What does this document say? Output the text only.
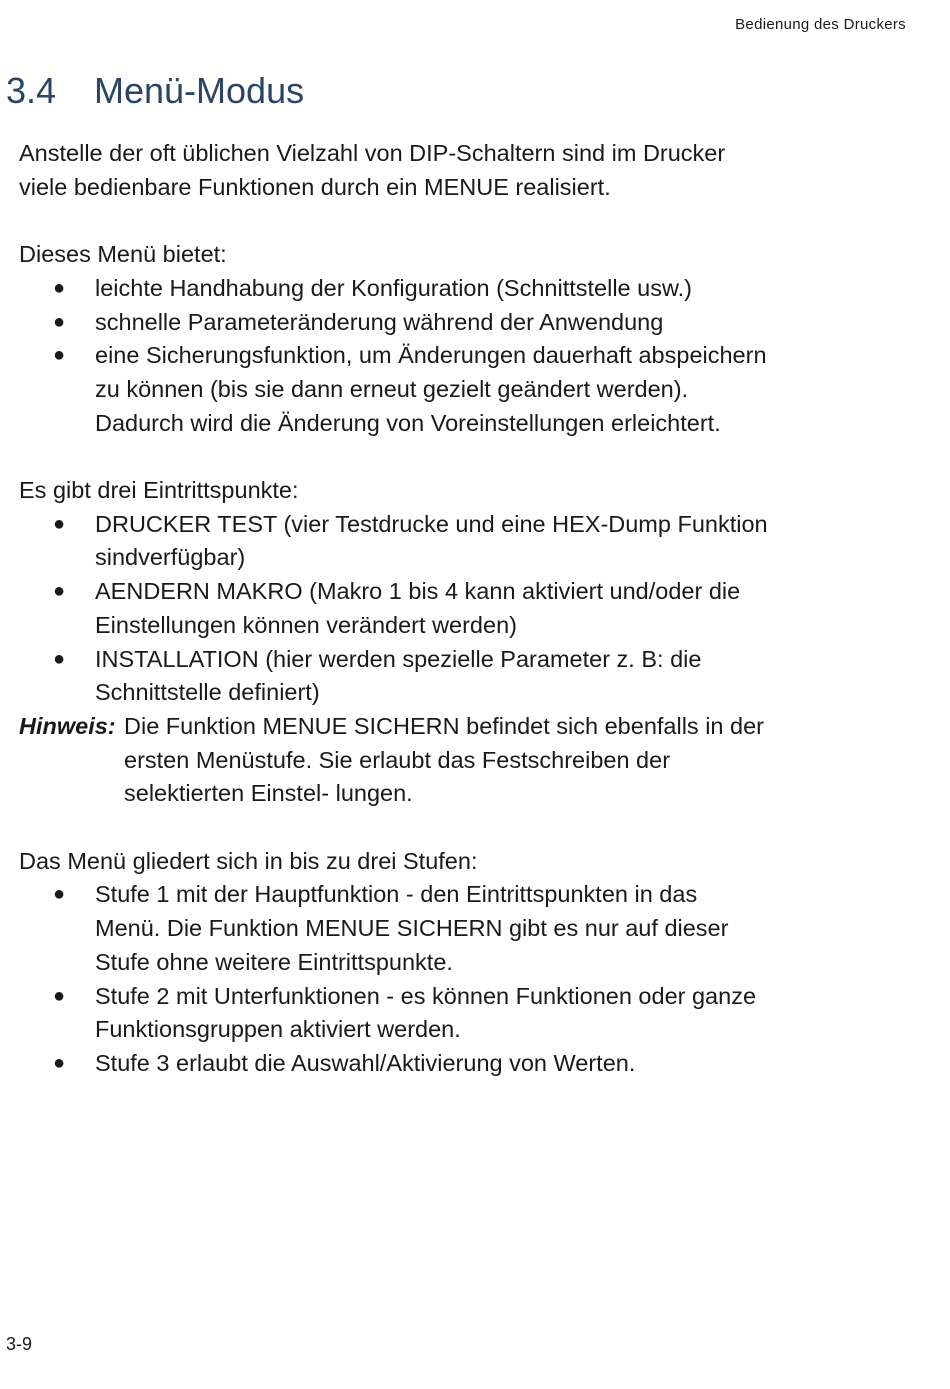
Bedienung des Druckers
3.4 Menü-Modus

Anstelle der oft üblichen Vielzahl von DIP-Schaltern sind im Drucker

viele bedienbare Funktionen durch ein MENUE realisiert.

Dieses Menü bietet:

● leichte Handhabung der Konfiguration (Schnittstelle usw.)
● schnelle Parameteränderung während der Anwendung
● eine Sicherungsfunktion, um Änderungen dauerhaft abspeichern
zu können (bis sie dann erneut gezielt geändert werden).
Dadurch wird die Änderung von Voreinstellungen erleichtert.

Es gibt drei Eintrittspunkte:

● DRUCKER TEST (vier Testdrucke und eine HEX-Dump Funktion
sindverfügbar)
● AENDERN MAKRO (Makro 1 bis 4 kann aktiviert und/oder die
Einstellungen können verändert werden)
● INSTALLATION (hier werden spezielle Parameter z. B: die
Schnittstelle definiert)
Hinweis: Die Funktion MENUE SICHERN befindet sich ebenfalls in der
ersten Menüstufe. Sie erlaubt das Festschreiben der
selektierten Einstel- lungen.

Das Menü gliedert sich in bis zu drei Stufen:

● Stufe 1 mit der Hauptfunktion - den Eintrittspunkten in das
Menü. Die Funktion MENUE SICHERN gibt es nur auf dieser
Stufe ohne weitere Eintrittspunkte.
● Stufe 2 mit Unterfunktionen - es können Funktionen oder ganze
Funktionsgruppen aktiviert werden.
● Stufe 3 erlaubt die Auswahl/Aktivierung von Werten.
3-9
